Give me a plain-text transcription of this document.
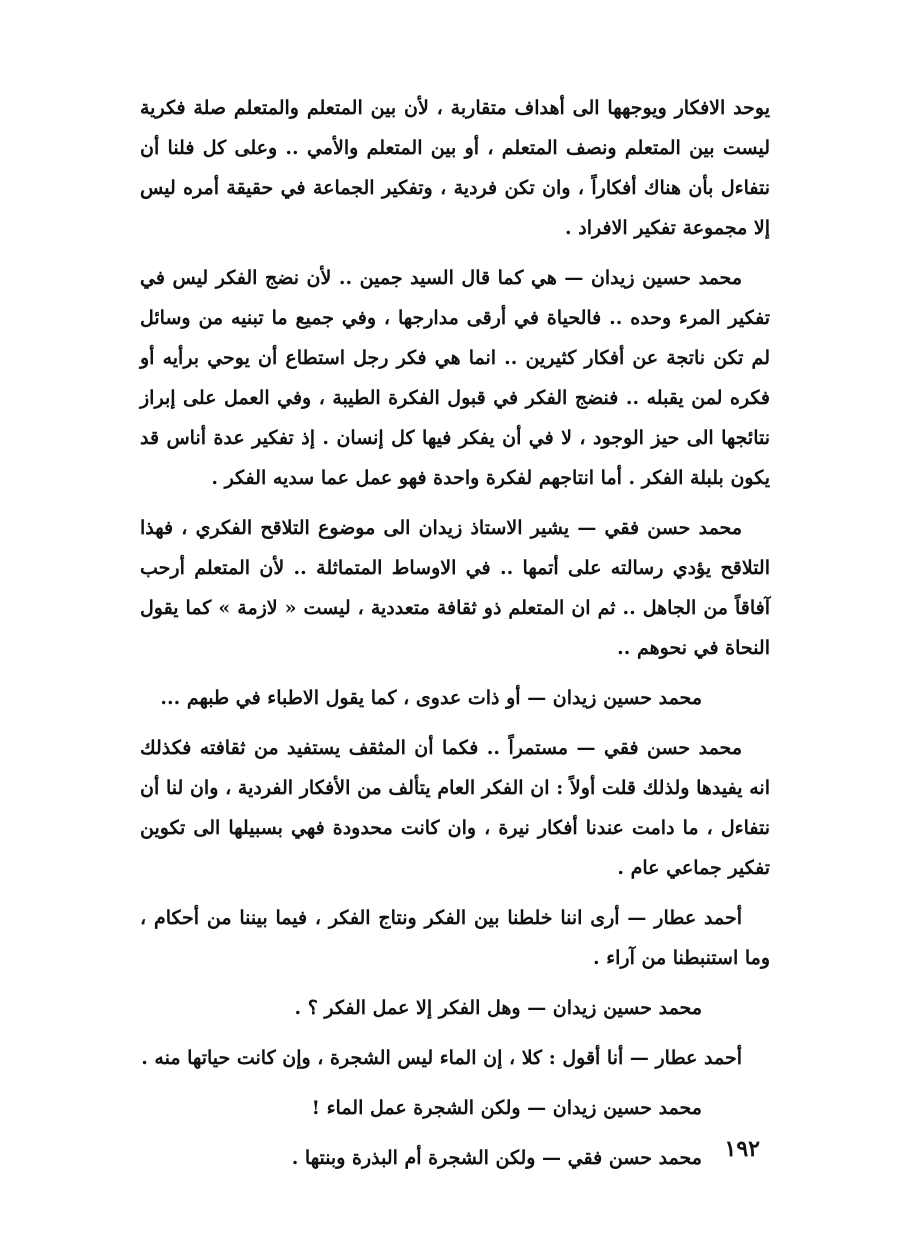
يوحد الافكار ويوجهها الى أهداف متقاربة ، لأن بين المتعلم والمتعلم صلة فكرية ليست بين المتعلم ونصف المتعلم ، أو بين المتعلم والأمي .. وعلى كل فلنا أن نتفاءل بأن هناك أفكاراً ، وان تكن فردية ، وتفكير الجماعة في حقيقة أمره ليس إلا مجموعة تفكير الافراد .

محمد حسين زيدان — هي كما قال السيد جمين .. لأن نضج الفكر ليس في تفكير المرء وحده .. فالحياة في أرقى مدارجها ، وفي جميع ما تبنيه من وسائل لم تكن ناتجة عن أفكار كثيرين .. انما هي فكر رجل استطاع أن يوحي برأيه أو فكره لمن يقبله .. فنضج الفكر في قبول الفكرة الطيبة ، وفي العمل على إبراز نتائجها الى حيز الوجود ، لا في أن يفكر فيها كل إنسان . إذ تفكير عدة أناس قد يكون بلبلة الفكر . أما انتاجهم لفكرة واحدة فهو عمل عما سديه الفكر .

محمد حسن فقي — يشير الاستاذ زيدان الى موضوع التلاقح الفكري ، فهذا التلاقح يؤدي رسالته على أتمها .. في الاوساط المتماثلة .. لأن المتعلم أرحب آفاقاً من الجاهل .. ثم ان المتعلم ذو ثقافة متعددية ، ليست « لازمة » كما يقول النحاة في نحوهم ..

محمد حسين زيدان — أو ذات عدوى ، كما يقول الاطباء في طبهم ...

محمد حسن فقي — مستمراً .. فكما أن المثقف يستفيد من ثقافته فكذلك انه يفيدها ولذلك قلت أولاً : ان الفكر العام يتألف من الأفكار الفردية ، وان لنا أن نتفاءل ، ما دامت عندنا أفكار نيرة ، وان كانت محدودة فهي بسبيلها الى تكوين تفكير جماعي عام .

أحمد عطار — أرى اننا خلطنا بين الفكر ونتاج الفكر ، فيما بيننا من أحكام ، وما استنبطنا من آراء .

محمد حسين زيدان — وهل الفكر إلا عمل الفكر ؟ .

أحمد عطار — أنا أقول : كلا ، إن الماء ليس الشجرة ، وإن كانت حياتها منه .

محمد حسين زيدان — ولكن الشجرة عمل الماء !

محمد حسن فقي — ولكن الشجرة أم البذرة وبنتها .	١٩٢
